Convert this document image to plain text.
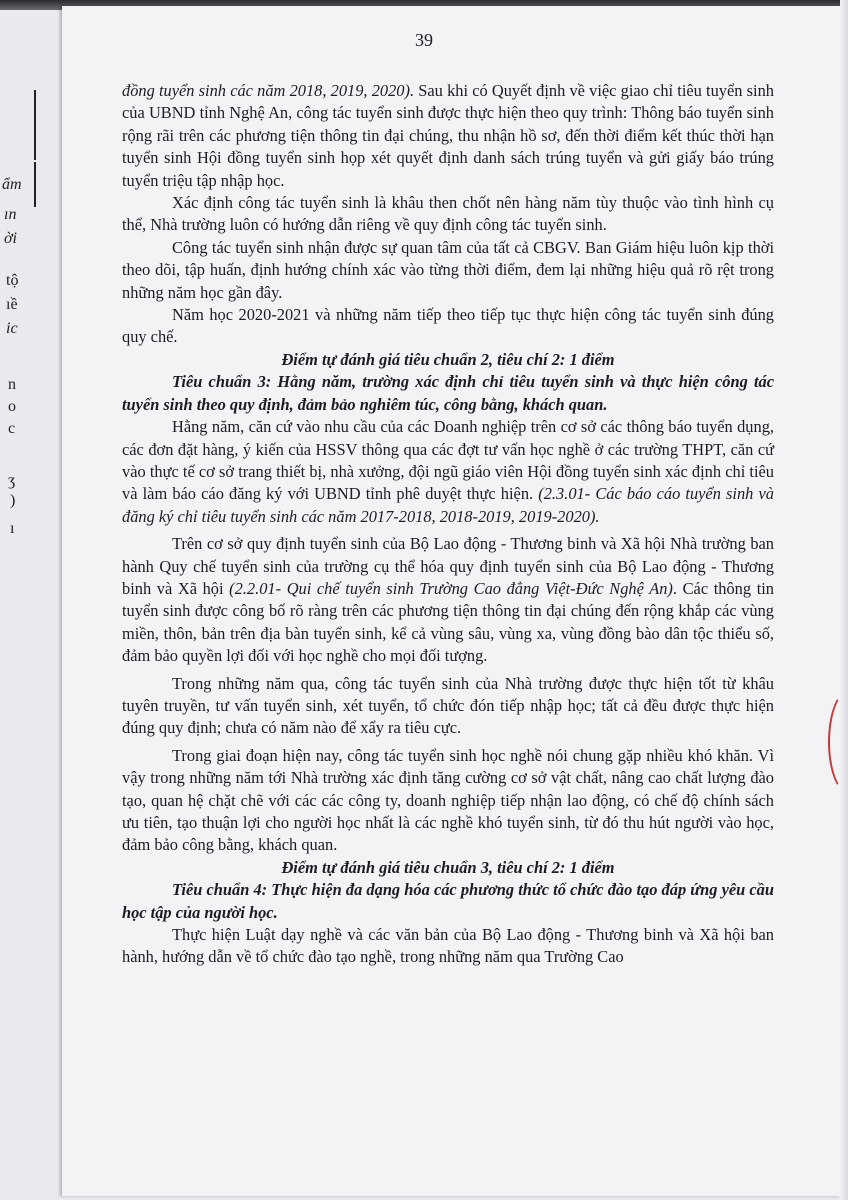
ẩm
ın
ời
tộ
ıề
ic
n
o
c
ʒ
)
ı
39

đồng tuyển sinh các năm 2018, 2019, 2020). Sau khi có Quyết định về việc giao chỉ tiêu tuyển sinh của UBND tỉnh Nghệ An, công tác tuyển sinh được thực hiện theo quy trình: Thông báo tuyển sinh rộng rãi trên các phương tiện thông tin đại chúng, thu nhận hồ sơ, đến thời điểm kết thúc thời hạn tuyển sinh Hội đồng tuyển sinh họp xét quyết định danh sách trúng tuyển và gửi giấy báo trúng tuyển triệu tập nhập học.

Xác định công tác tuyển sinh là khâu then chốt nên hàng năm tùy thuộc vào tình hình cụ thể, Nhà trường luôn có hướng dẫn riêng về quy định công tác tuyển sinh.

Công tác tuyển sinh nhận được sự quan tâm của tất cả CBGV. Ban Giám hiệu luôn kịp thời theo dõi, tập huấn, định hướng chính xác vào từng thời điểm, đem lại những hiệu quả rõ rệt trong những năm học gần đây.

Năm học 2020-2021 và những năm tiếp theo tiếp tục thực hiện công tác tuyển sinh đúng quy chế.

Điểm tự đánh giá tiêu chuẩn 2, tiêu chí 2: 1 điểm

Tiêu chuẩn 3: Hằng năm, trường xác định chỉ tiêu tuyển sinh và thực hiện công tác tuyển sinh theo quy định, đảm bảo nghiêm túc, công bằng, khách quan.

Hằng năm, căn cứ vào nhu cầu của các Doanh nghiệp trên cơ sở các thông báo tuyển dụng, các đơn đặt hàng, ý kiến của HSSV thông qua các đợt tư vấn học nghề ở các trường THPT, căn cứ vào thực tế cơ sở trang thiết bị, nhà xưởng, đội ngũ giáo viên Hội đồng tuyển sinh xác định chỉ tiêu và làm báo cáo đăng ký với UBND tỉnh phê duyệt thực hiện. (2.3.01- Các báo cáo tuyển sinh và đăng ký chỉ tiêu tuyển sinh các năm 2017-2018, 2018-2019, 2019-2020).

Trên cơ sở quy định tuyển sinh của Bộ Lao động - Thương binh và Xã hội Nhà trường ban hành Quy chế tuyển sinh của trường cụ thể hóa quy định tuyển sinh của Bộ Lao động - Thương binh và Xã hội (2.2.01- Qui chế tuyển sinh Trường Cao đẳng Việt-Đức Nghệ An). Các thông tin tuyển sinh được công bố rõ ràng trên các phương tiện thông tin đại chúng đến rộng khắp các vùng miền, thôn, bản trên địa bàn tuyển sinh, kể cả vùng sâu, vùng xa, vùng đồng bào dân tộc thiểu số, đảm bảo quyền lợi đối với học nghề cho mọi đối tượng.

Trong những năm qua, công tác tuyển sinh của Nhà trường được thực hiện tốt từ khâu tuyên truyền, tư vấn tuyển sinh, xét tuyển, tổ chức đón tiếp nhập học; tất cả đều được thực hiện đúng quy định; chưa có năm nào để xẩy ra tiêu cực.

Trong giai đoạn hiện nay, công tác tuyển sinh học nghề nói chung gặp nhiều khó khăn. Vì vậy trong những năm tới Nhà trường xác định tăng cường cơ sở vật chất, nâng cao chất lượng đào tạo, quan hệ chặt chẽ với các các công ty, doanh nghiệp tiếp nhận lao động, có chế độ chính sách ưu tiên, tạo thuận lợi cho người học nhất là các nghề khó tuyển sinh, từ đó thu hút người vào học, đảm bảo công bằng, khách quan.

Điểm tự đánh giá tiêu chuẩn 3, tiêu chí 2: 1 điểm

Tiêu chuẩn 4: Thực hiện đa dạng hóa các phương thức tổ chức đào tạo đáp ứng yêu cầu học tập của người học.

Thực hiện Luật dạy nghề và các văn bản của Bộ Lao động - Thương binh và Xã hội ban hành, hướng dẫn về tổ chức đào tạo nghề, trong những năm qua Trường Cao
